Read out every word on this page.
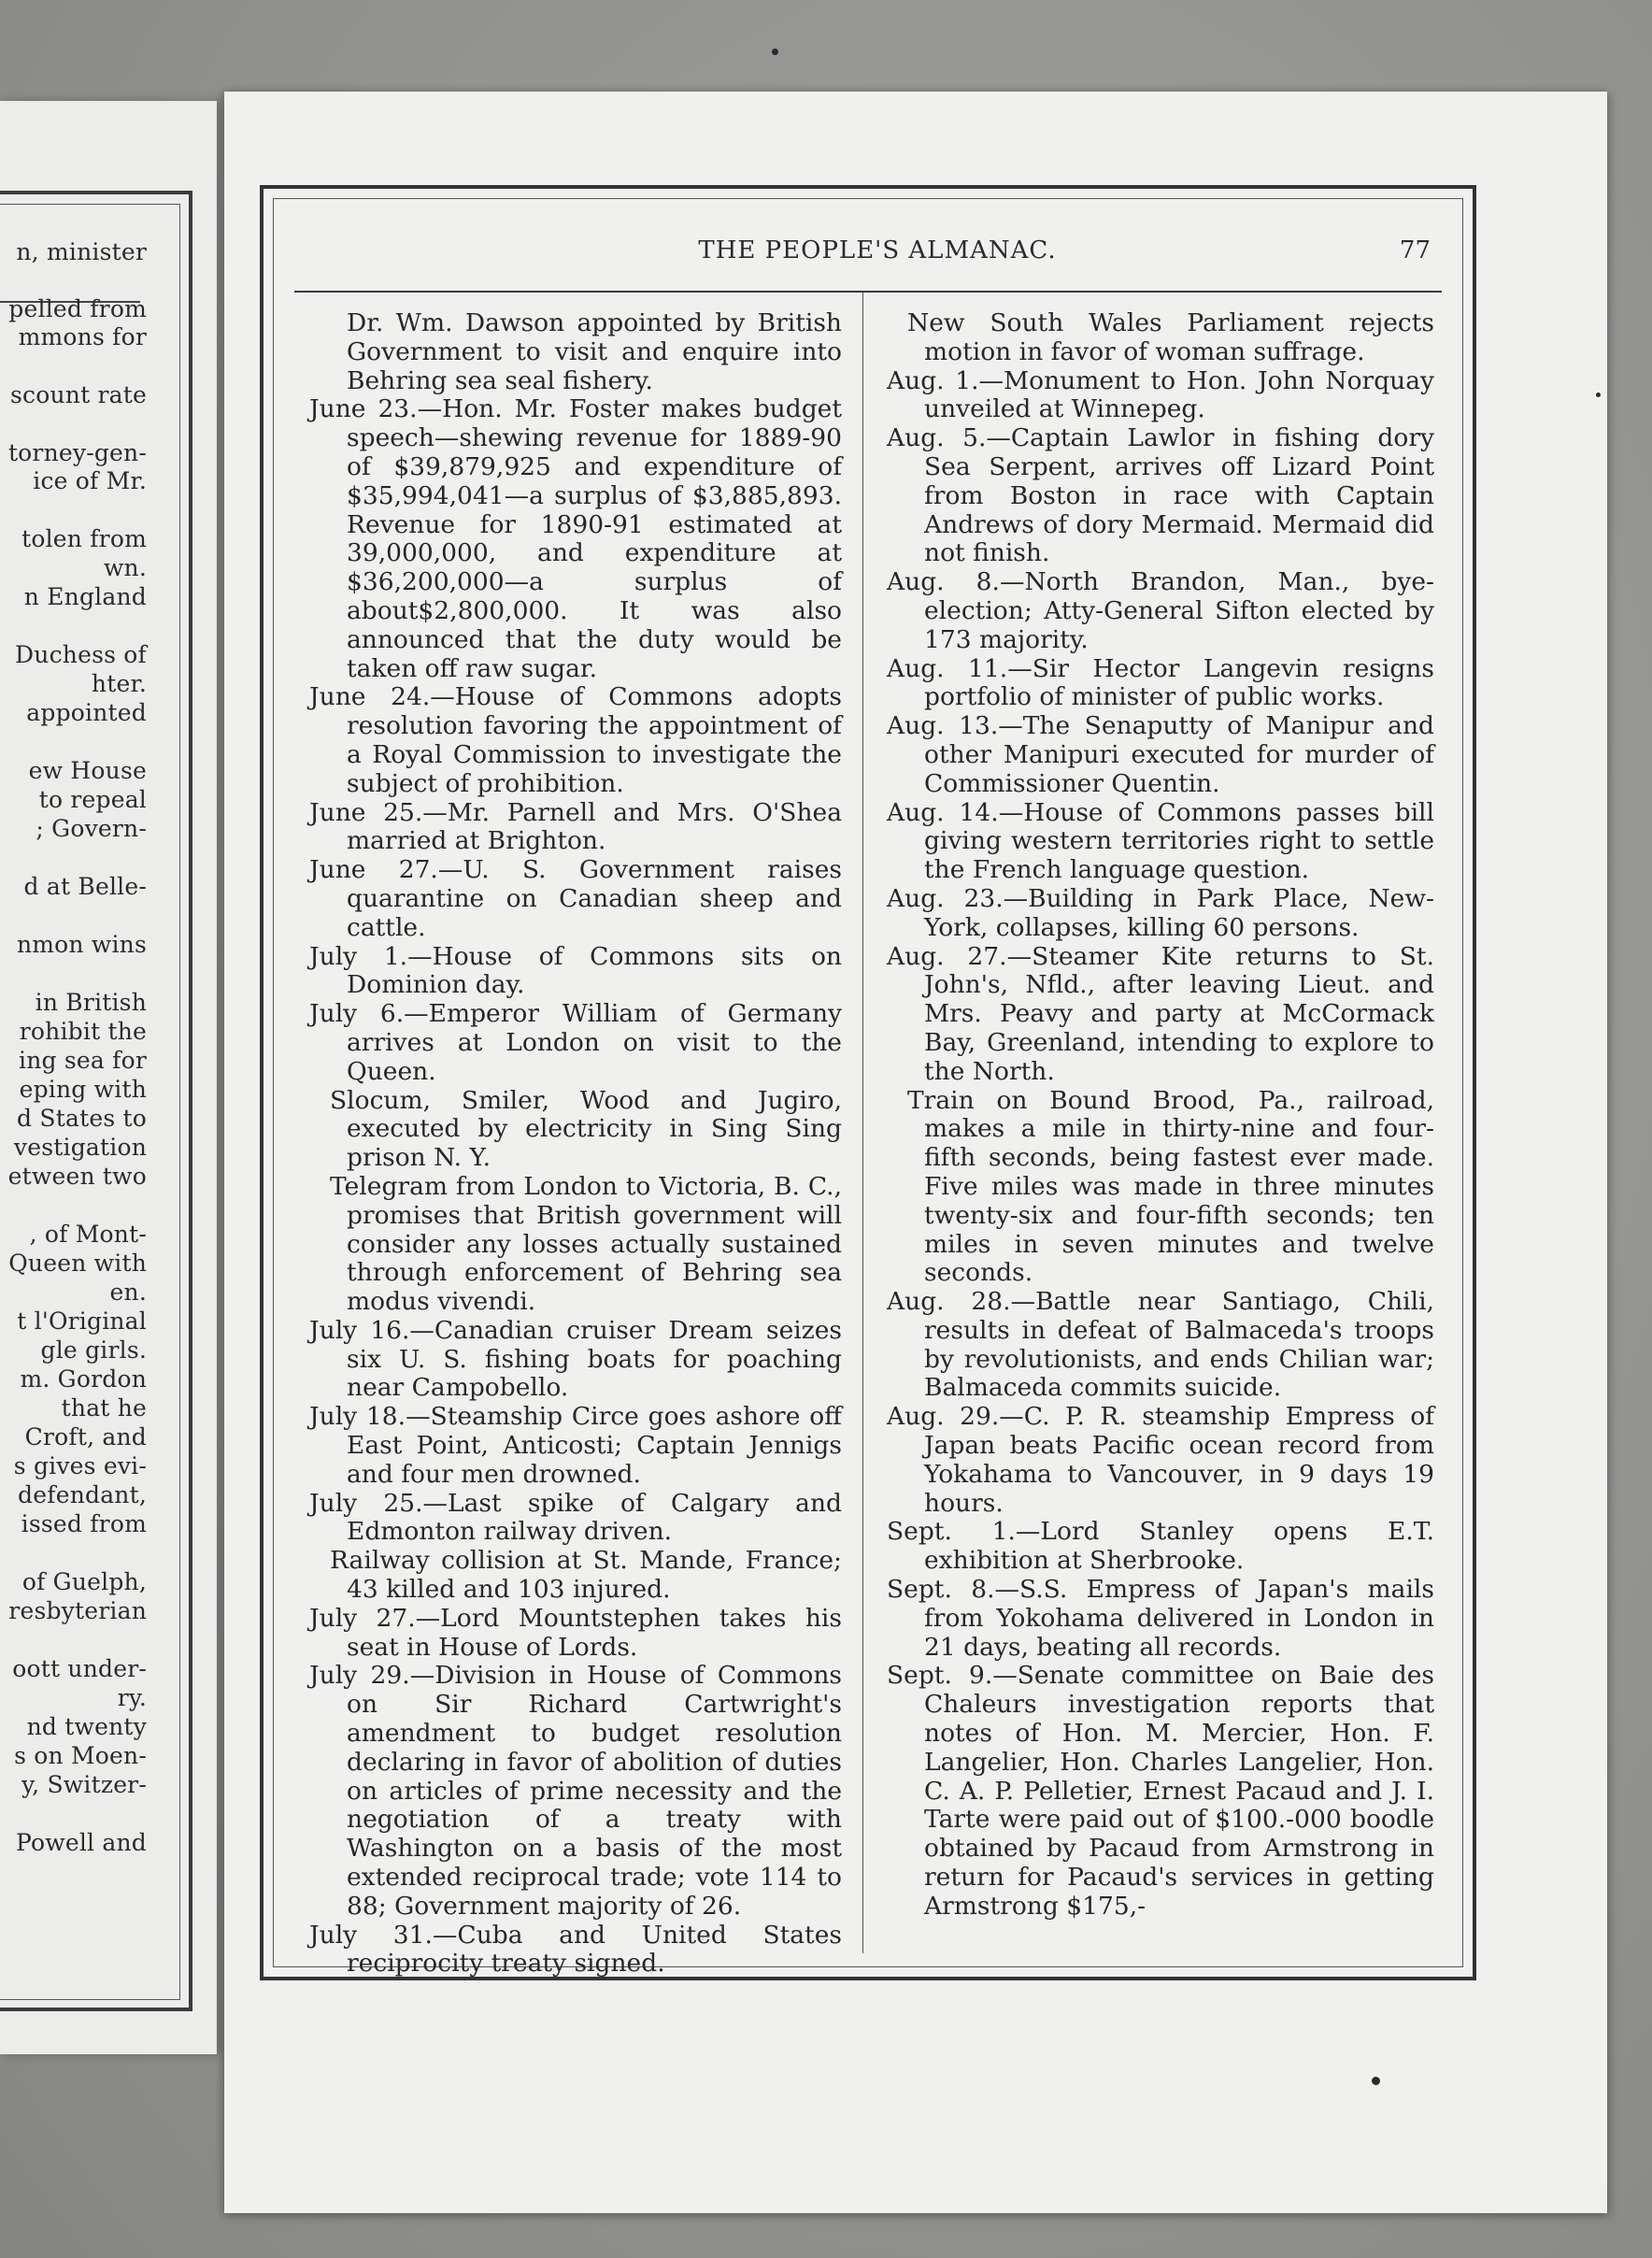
n, minister
pelled from
mmons for
scount rate
torney-gen-
ice of Mr.
tolen from
wn.
n England
Duchess of
hter.
appointed
ew House
to repeal
; Govern-
d at Belle-
nmon wins
in British
rohibit the
ing sea for
eping with
d States to
vestigation
etween two
, of Mont-
Queen with
en.
t l'Original
gle girls.
m. Gordon
that he
Croft, and
s gives evi-
defendant,
issed from
of Guelph,
resbyterian
oott under-
ry.
nd twenty
s on Moen-
y, Switzer-
Powell and
THE PEOPLE'S ALMANAC.	77

Dr. Wm. Dawson appointed by British Government to visit and enquire into Behring sea seal fishery.

June 23.—Hon. Mr. Foster makes budget speech—shewing revenue for 1889-90 of $39,879,925 and expenditure of $35,994,041—a surplus of $3,885,893. Revenue for 1890-91 estimated at 39,000,000, and expenditure at $36,200,000—a surplus of about$2,800,000. It was also announced that the duty would be taken off raw sugar.

June 24.—House of Commons adopts resolution favoring the appointment of a Royal Commission to investigate the subject of prohibition.

June 25.—Mr. Parnell and Mrs. O'Shea married at Brighton.

June 27.—U. S. Government raises quarantine on Canadian sheep and cattle.

July 1.—House of Commons sits on Dominion day.

July 6.—Emperor William of Germany arrives at London on visit to the Queen.

Slocum, Smiler, Wood and Jugiro, executed by electricity in Sing Sing prison N. Y.

Telegram from London to Victoria, B. C., promises that British government will consider any losses actually sustained through enforcement of Behring sea modus vivendi.

July 16.—Canadian cruiser Dream seizes six U. S. fishing boats for poaching near Campobello.

July 18.—Steamship Circe goes ashore off East Point, Anticosti; Captain Jennigs and four men drowned.

July 25.—Last spike of Calgary and Edmonton railway driven.

Railway collision at St. Mande, France; 43 killed and 103 injured.

July 27.—Lord Mountstephen takes his seat in House of Lords.

July 29.—Division in House of Commons on Sir Richard Cartwright's amendment to budget resolution declaring in favor of abolition of duties on articles of prime necessity and the negotiation of a treaty with Washington on a basis of the most extended reciprocal trade; vote 114 to 88; Government majority of 26.

July 31.—Cuba and United States reciprocity treaty signed.

New South Wales Parliament rejects motion in favor of woman suffrage.

Aug. 1.—Monument to Hon. John Norquay unveiled at Winnepeg.

Aug. 5.—Captain Lawlor in fishing dory Sea Serpent, arrives off Lizard Point from Boston in race with Captain Andrews of dory Mermaid. Mermaid did not finish.

Aug. 8.—North Brandon, Man., bye-election; Atty-General Sifton elected by 173 majority.

Aug. 11.—Sir Hector Langevin resigns portfolio of minister of public works.

Aug. 13.—The Senaputty of Manipur and other Manipuri executed for murder of Commissioner Quentin.

Aug. 14.—House of Commons passes bill giving western territories right to settle the French language question.

Aug. 23.—Building in Park Place, New-York, collapses, killing 60 persons.

Aug. 27.—Steamer Kite returns to St. John's, Nfld., after leaving Lieut. and Mrs. Peavy and party at McCormack Bay, Greenland, intending to explore to the North.

Train on Bound Brood, Pa., railroad, makes a mile in thirty-nine and four-fifth seconds, being fastest ever made. Five miles was made in three minutes twenty-six and four-fifth seconds; ten miles in seven minutes and twelve seconds.

Aug. 28.—Battle near Santiago, Chili, results in defeat of Balmaceda's troops by revolutionists, and ends Chilian war; Balmaceda commits suicide.

Aug. 29.—C. P. R. steamship Empress of Japan beats Pacific ocean record from Yokahama to Vancouver, in 9 days 19 hours.

Sept. 1.—Lord Stanley opens E.T. exhibition at Sherbrooke.

Sept. 8.—S.S. Empress of Japan's mails from Yokohama delivered in London in 21 days, beating all records.

Sept. 9.—Senate committee on Baie des Chaleurs investigation reports that notes of Hon. M. Mercier, Hon. F. Langelier, Hon. Charles Langelier, Hon. C. A. P. Pelletier, Ernest Pacaud and J. I. Tarte were paid out of $100.-000 boodle obtained by Pacaud from Armstrong in return for Pacaud's services in getting Armstrong $175,-
